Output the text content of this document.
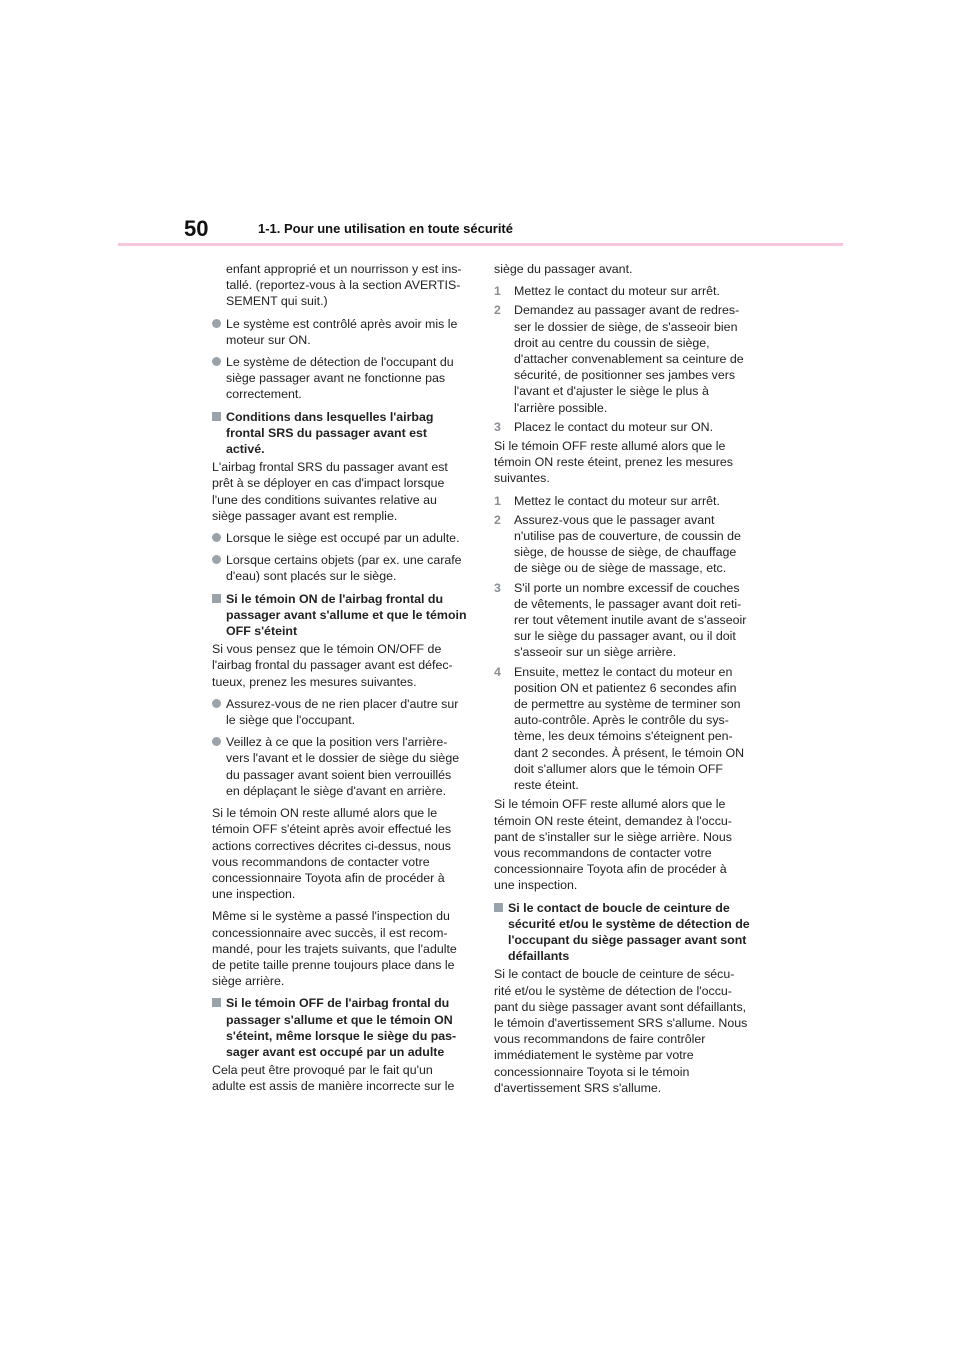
50	1-1. Pour une utilisation en toute sécurité

enfant approprié et un nourrisson y est ins-tallé. (reportez-vous à la section AVERTIS-SEMENT qui suit.)

Le système est contrôlé après avoir mis le moteur sur ON.
Le système de détection de l'occupant du siège passager avant ne fonctionne pas correctement.
Conditions dans lesquelles l'airbag frontal SRS du passager avant est activé.

L'airbag frontal SRS du passager avant est prêt à se déployer en cas d'impact lorsque l'une des conditions suivantes relative au siège passager avant est remplie.

Lorsque le siège est occupé par un adulte.
Lorsque certains objets (par ex. une carafe d'eau) sont placés sur le siège.
Si le témoin ON de l'airbag frontal du passager avant s'allume et que le témoin OFF s'éteint

Si vous pensez que le témoin ON/OFF de l'airbag frontal du passager avant est défec-tueux, prenez les mesures suivantes.

Assurez-vous de ne rien placer d'autre sur le siège que l'occupant.
Veillez à ce que la position vers l'arrière-vers l'avant et le dossier de siège du siège du passager avant soient bien verrouillés en déplaçant le siège d'avant en arrière.

Si le témoin ON reste allumé alors que le témoin OFF s'éteint après avoir effectué les actions correctives décrites ci-dessus, nous vous recommandons de contacter votre concessionnaire Toyota afin de procéder à une inspection.

Même si le système a passé l'inspection du concessionnaire avec succès, il est recom-mandé, pour les trajets suivants, que l'adulte de petite taille prenne toujours place dans le siège arrière.

Si le témoin OFF de l'airbag frontal du passager s'allume et que le témoin ON s'éteint, même lorsque le siège du pas-sager avant est occupé par un adulte

Cela peut être provoqué par le fait qu'un adulte est assis de manière incorrecte sur le

siège du passager avant.

1 Mettez le contact du moteur sur arrêt.
2 Demandez au passager avant de redres-ser le dossier de siège, de s'asseoir bien droit au centre du coussin de siège, d'attacher convenablement sa ceinture de sécurité, de positionner ses jambes vers l'avant et d'ajuster le siège le plus à l'arrière possible.
3 Placez le contact du moteur sur ON.

Si le témoin OFF reste allumé alors que le témoin ON reste éteint, prenez les mesures suivantes.

1 Mettez le contact du moteur sur arrêt.
2 Assurez-vous que le passager avant n'utilise pas de couverture, de coussin de siège, de housse de siège, de chauffage de siège ou de siège de massage, etc.
3 S'il porte un nombre excessif de couches de vêtements, le passager avant doit reti-rer tout vêtement inutile avant de s'asseoir sur le siège du passager avant, ou il doit s'asseoir sur un siège arrière.
4 Ensuite, mettez le contact du moteur en position ON et patientez 6 secondes afin de permettre au système de terminer son auto-contrôle. Après le contrôle du sys-tème, les deux témoins s'éteignent pen-dant 2 secondes. À présent, le témoin ON doit s'allumer alors que le témoin OFF reste éteint.

Si le témoin OFF reste allumé alors que le témoin ON reste éteint, demandez à l'occu-pant de s'installer sur le siège arrière. Nous vous recommandons de contacter votre concessionnaire Toyota afin de procéder à une inspection.

Si le contact de boucle de ceinture de sécurité et/ou le système de détection de l'occupant du siège passager avant sont défaillants

Si le contact de boucle de ceinture de sécu-rité et/ou le système de détection de l'occu-pant du siège passager avant sont défaillants, le témoin d'avertissement SRS s'allume. Nous vous recommandons de faire contrôler immédiatement le système par votre concessionnaire Toyota si le témoin d'avertissement SRS s'allume.
